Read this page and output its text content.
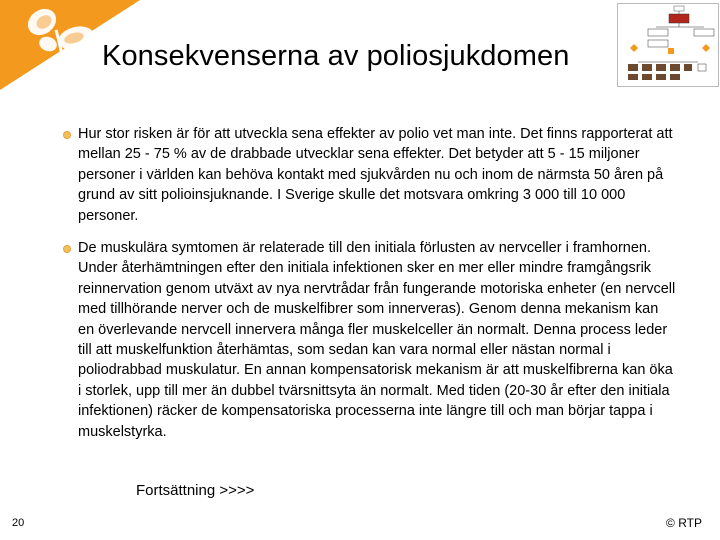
Konsekvenserna av poliosjukdomen
Hur stor risken är för att utveckla sena effekter av polio vet man inte. Det finns rapporterat att mellan 25 - 75 % av de drabbade utvecklar sena effekter. Det betyder att 5 - 15 miljoner personer i världen kan behöva kontakt med sjukvården nu och inom de närmsta 50 åren på grund av sitt polioinsjuknande. I Sverige skulle det motsvara omkring 3 000 till 10 000 personer.
De muskulära symtomen är relaterade till den initiala förlusten av nervceller i framhornen. Under återhämtningen efter den initiala infektionen sker en mer eller mindre framgångsrik reinnervation genom utväxt av nya nervtrådar från fungerande motoriska enheter (en nervcell med tillhörande nerver och de muskelfibrer som innerveras). Genom denna mekanism kan en överlevande nervcell innervera många fler muskelceller än normalt. Denna process leder till att muskelfunktion återhämtas, som sedan kan vara normal eller nästan normal i poliodrabbad muskulatur. En annan kompensatorisk mekanism är att muskelfibrerna kan öka i storlek, upp till mer än dubbel tvärsnittsyta än normalt. Med tiden (20-30 år efter den initiala infektionen) räcker de kompensatoriska processerna inte längre till och man börjar tappa i muskelstyrka.
Fortsättning >>>>
20	© RTP
